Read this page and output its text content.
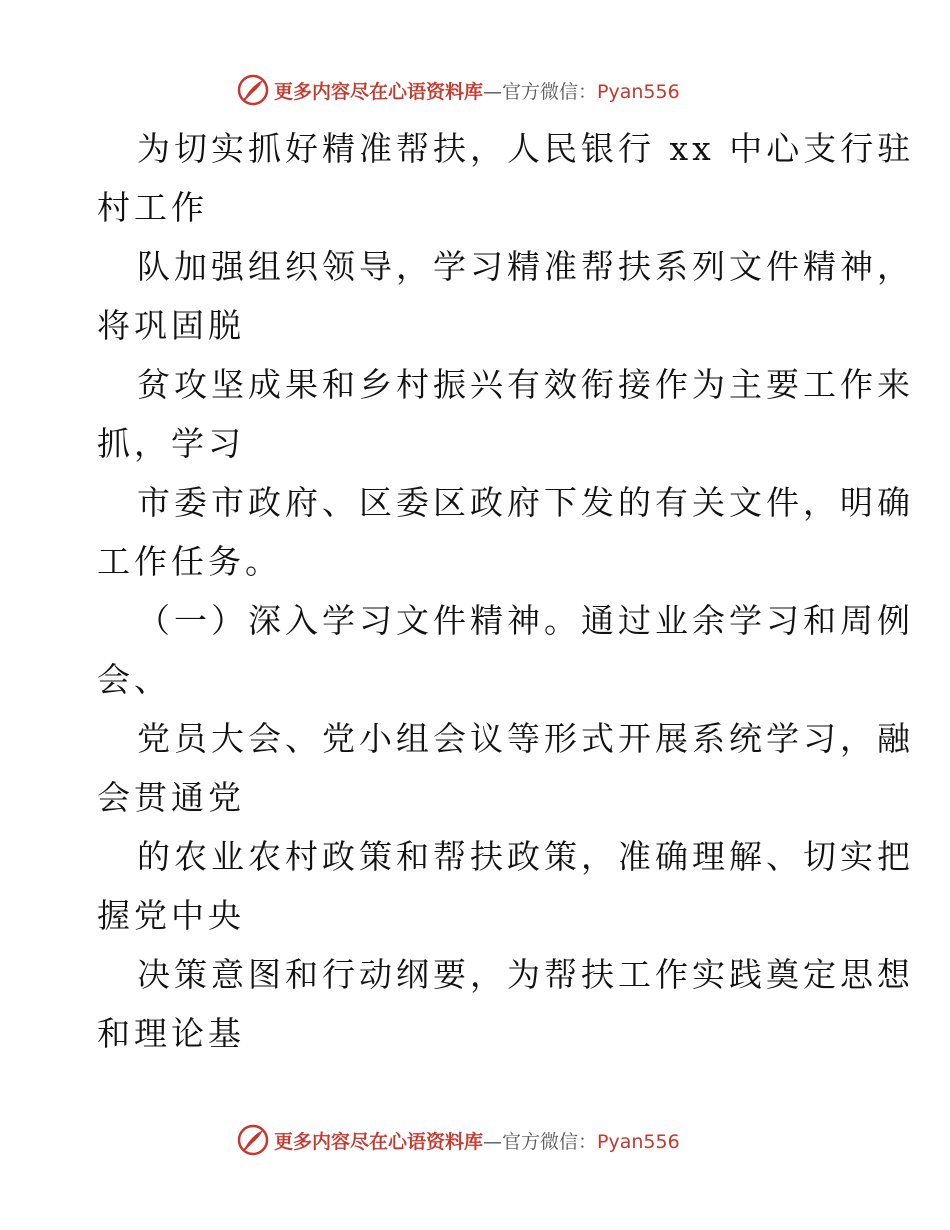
更多内容尽在心语资料库—官方微信：Pyan556
为切实抓好精准帮扶，人民银行 xx 中心支行驻
村工作
队加强组织领导，学习精准帮扶系列文件精神，
将巩固脱
贫攻坚成果和乡村振兴有效衔接作为主要工作来
抓，学习
市委市政府、区委区政府下发的有关文件，明确
工作任务。
（一）深入学习文件精神。通过业余学习和周例
会、
党员大会、党小组会议等形式开展系统学习，融
会贯通党
的农业农村政策和帮扶政策，准确理解、切实把
握党中央
决策意图和行动纲要，为帮扶工作实践奠定思想
和理论基
更多内容尽在心语资料库—官方微信：Pyan556
